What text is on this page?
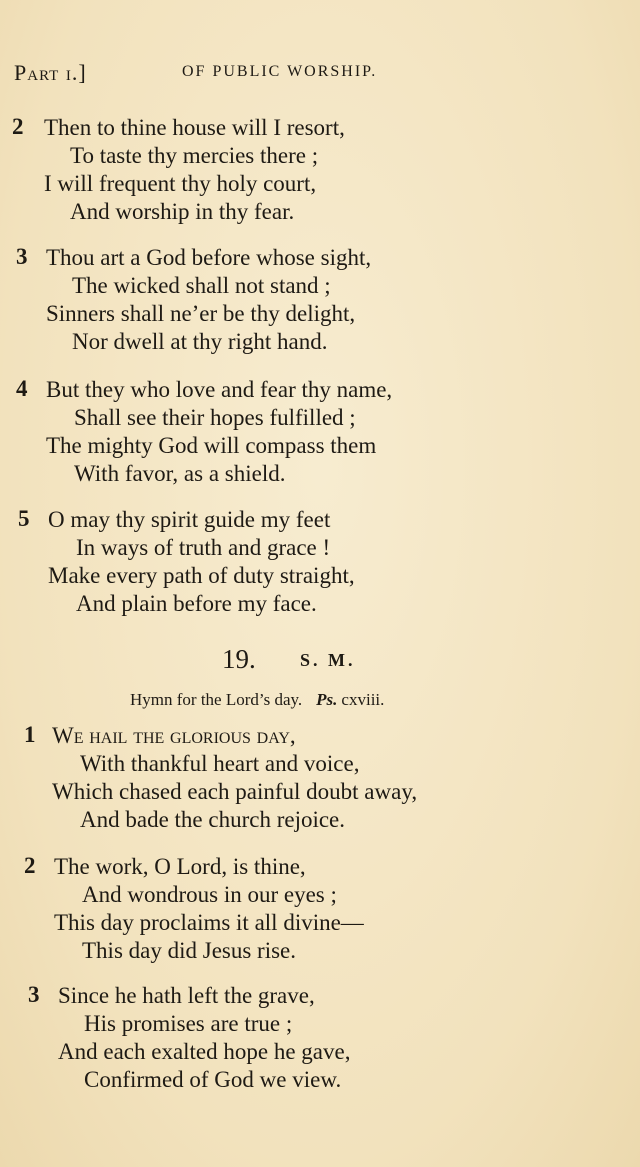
Part i.]	OF PUBLIC WORSHIP.
2 Then to thine house will I resort,
To taste thy mercies there ;
I will frequent thy holy court,
And worship in thy fear.
3 Thou art a God before whose sight,
The wicked shall not stand ;
Sinners shall ne’er be thy delight,
Nor dwell at thy right hand.
4 But they who love and fear thy name,
Shall see their hopes fulfilled ;
The mighty God will compass them
With favor, as a shield.
5 O may thy spirit guide my feet
In ways of truth and grace !
Make every path of duty straight,
And plain before my face.
19. S. M.
Hymn for the Lord’s day. Ps. cxviii.
1 We hail the glorious day,
With thankful heart and voice,
Which chased each painful doubt away,
And bade the church rejoice.
2 The work, O Lord, is thine,
And wondrous in our eyes ;
This day proclaims it all divine—
This day did Jesus rise.
3 Since he hath left the grave,
His promises are true ;
And each exalted hope he gave,
Confirmed of God we view.
